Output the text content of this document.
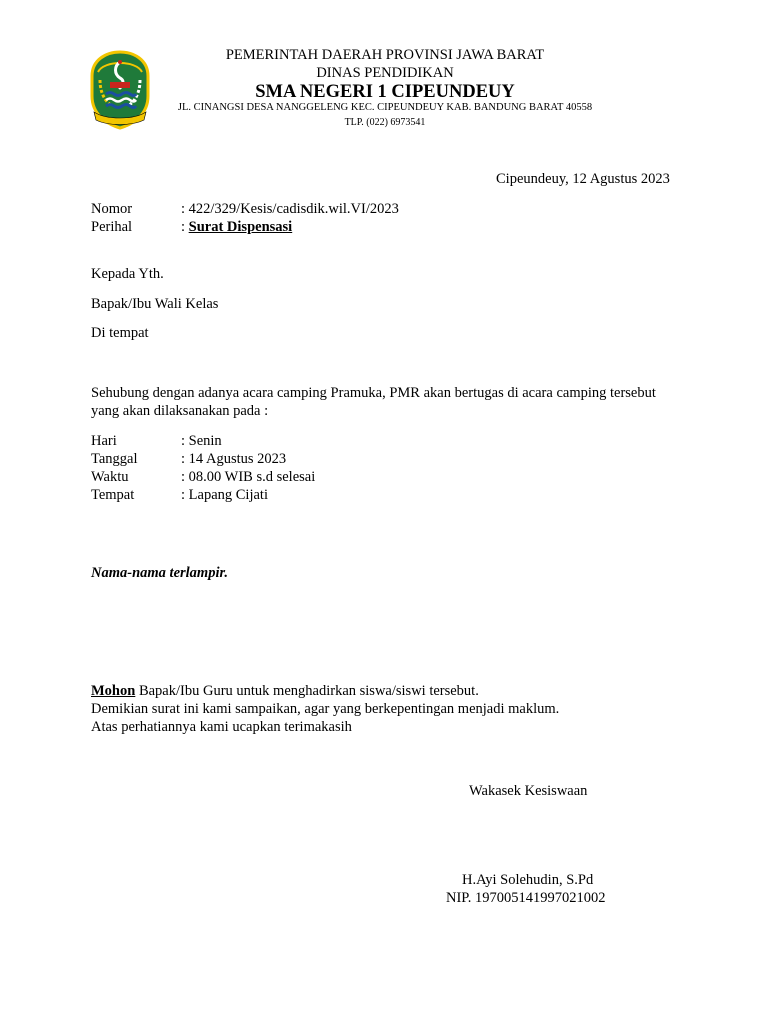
PEMERINTAH DAERAH PROVINSI JAWA BARAT
DINAS PENDIDIKAN
SMA NEGERI 1 CIPEUNDEUY
JL. CINANGSI DESA NANGGELENG KEC. CIPEUNDEUY KAB. BANDUNG BARAT 40558
TLP. (022) 6973541
Cipeundeuy, 12 Agustus 2023
Nomor	: 422/329/Kesis/cadisdik.wil.VI/2023
Perihal	: Surat Dispensasi
Kepada Yth.
Bapak/Ibu Wali Kelas
Di tempat
Sehubung dengan adanya acara camping Pramuka, PMR akan bertugas di acara camping tersebut
yang akan dilaksanakan pada :
Hari	: Senin
Tanggal	: 14 Agustus 2023
Waktu	: 08.00 WIB s.d selesai
Tempat	: Lapang Cijati
Nama-nama terlampir.
Mohon Bapak/Ibu Guru untuk menghadirkan siswa/siswi tersebut.
Demikian surat ini kami sampaikan, agar yang berkepentingan menjadi maklum.
Atas perhatiannya kami ucapkan terimakasih
Wakasek Kesiswaan
H.Ayi Solehudin, S.Pd
NIP. 197005141997021002
